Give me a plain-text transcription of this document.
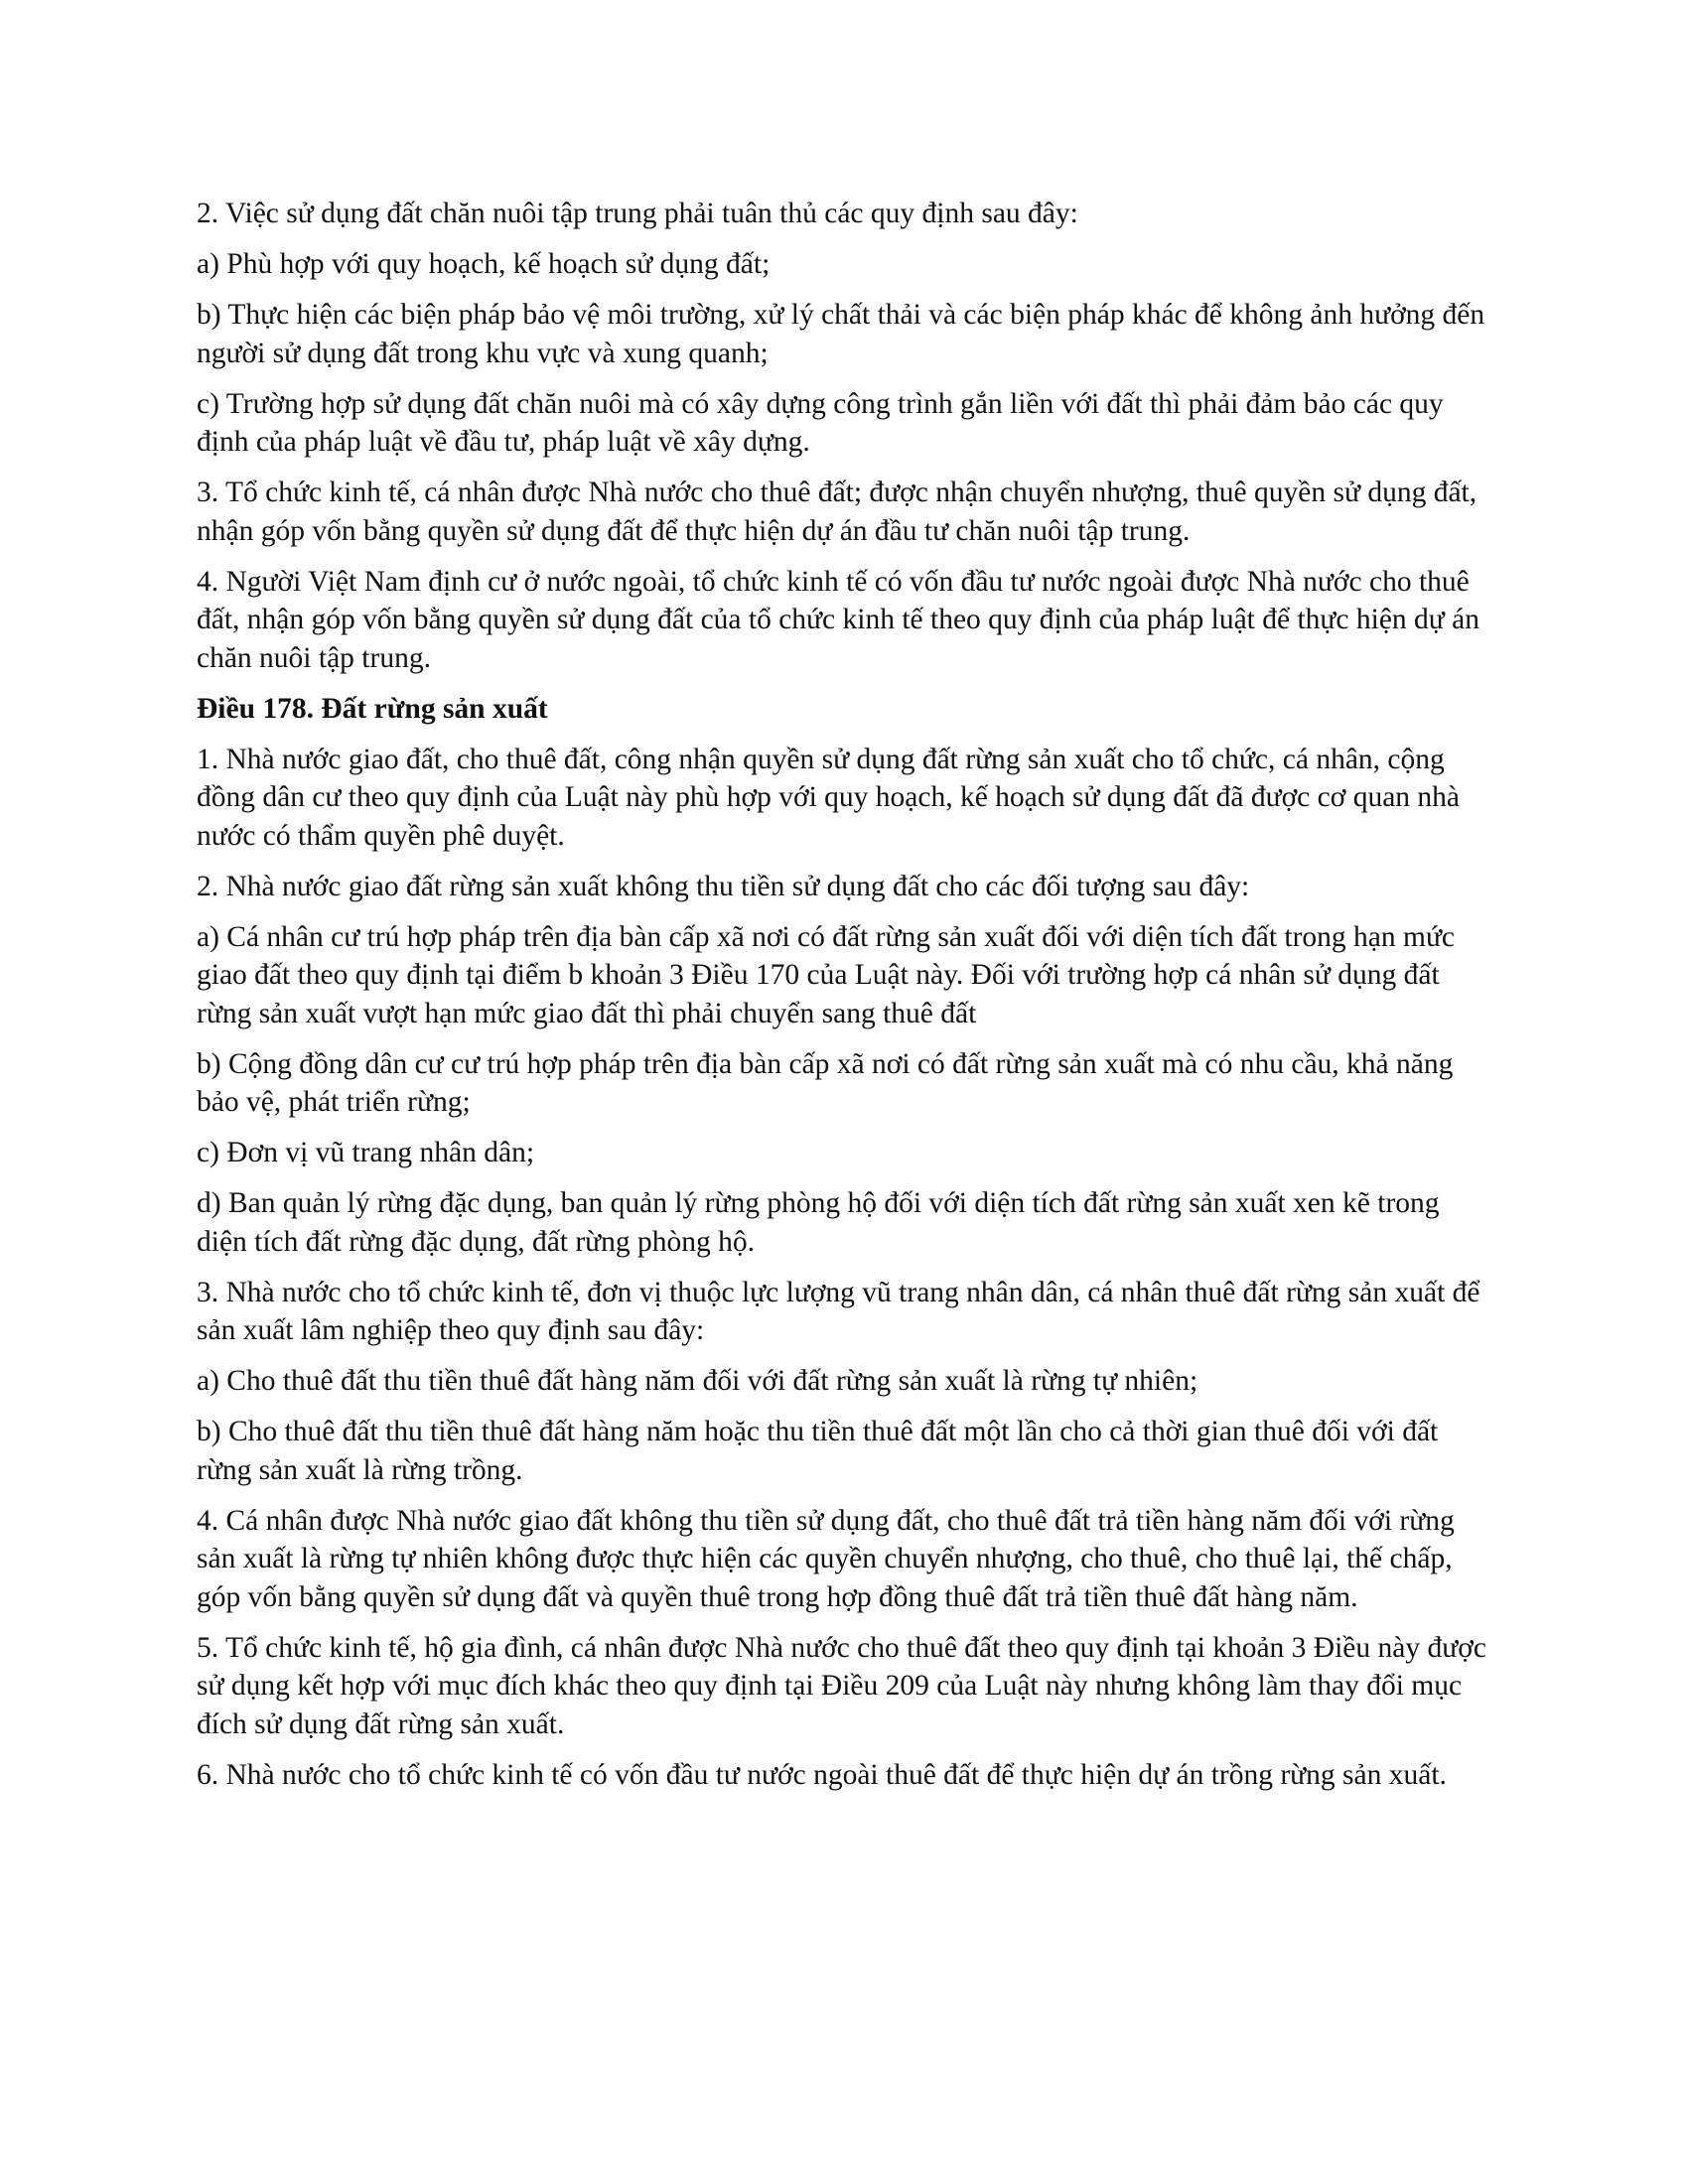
2. Việc sử dụng đất chăn nuôi tập trung phải tuân thủ các quy định sau đây:

a) Phù hợp với quy hoạch, kế hoạch sử dụng đất;

b) Thực hiện các biện pháp bảo vệ môi trường, xử lý chất thải và các biện pháp khác để không ảnh hưởng đến người sử dụng đất trong khu vực và xung quanh;

c) Trường hợp sử dụng đất chăn nuôi mà có xây dựng công trình gắn liền với đất thì phải đảm bảo các quy định của pháp luật về đầu tư, pháp luật về xây dựng.

3. Tổ chức kinh tế, cá nhân được Nhà nước cho thuê đất; được nhận chuyển nhượng, thuê quyền sử dụng đất, nhận góp vốn bằng quyền sử dụng đất để thực hiện dự án đầu tư chăn nuôi tập trung.

4. Người Việt Nam định cư ở nước ngoài, tổ chức kinh tế có vốn đầu tư nước ngoài được Nhà nước cho thuê đất, nhận góp vốn bằng quyền sử dụng đất của tổ chức kinh tế theo quy định của pháp luật để thực hiện dự án chăn nuôi tập trung.

Điều 178. Đất rừng sản xuất

1. Nhà nước giao đất, cho thuê đất, công nhận quyền sử dụng đất rừng sản xuất cho tổ chức, cá nhân, cộng đồng dân cư theo quy định của Luật này phù hợp với quy hoạch, kế hoạch sử dụng đất đã được cơ quan nhà nước có thẩm quyền phê duyệt.

2. Nhà nước giao đất rừng sản xuất không thu tiền sử dụng đất cho các đối tượng sau đây:

a) Cá nhân cư trú hợp pháp trên địa bàn cấp xã nơi có đất rừng sản xuất đối với diện tích đất trong hạn mức giao đất theo quy định tại điểm b khoản 3 Điều 170 của Luật này. Đối với trường hợp cá nhân sử dụng đất rừng sản xuất vượt hạn mức giao đất thì phải chuyển sang thuê đất

b) Cộng đồng dân cư cư trú hợp pháp trên địa bàn cấp xã nơi có đất rừng sản xuất mà có nhu cầu, khả năng bảo vệ, phát triển rừng;

c) Đơn vị vũ trang nhân dân;

d) Ban quản lý rừng đặc dụng, ban quản lý rừng phòng hộ đối với diện tích đất rừng sản xuất xen kẽ trong diện tích đất rừng đặc dụng, đất rừng phòng hộ.

3. Nhà nước cho tổ chức kinh tế, đơn vị thuộc lực lượng vũ trang nhân dân, cá nhân thuê đất rừng sản xuất để sản xuất lâm nghiệp theo quy định sau đây:

a) Cho thuê đất thu tiền thuê đất hàng năm đối với đất rừng sản xuất là rừng tự nhiên;

b) Cho thuê đất thu tiền thuê đất hàng năm hoặc thu tiền thuê đất một lần cho cả thời gian thuê đối với đất rừng sản xuất là rừng trồng.

4. Cá nhân được Nhà nước giao đất không thu tiền sử dụng đất, cho thuê đất trả tiền hàng năm đối với rừng sản xuất là rừng tự nhiên không được thực hiện các quyền chuyển nhượng, cho thuê, cho thuê lại, thế chấp, góp vốn bằng quyền sử dụng đất và quyền thuê trong hợp đồng thuê đất trả tiền thuê đất hàng năm.

5. Tổ chức kinh tế, hộ gia đình, cá nhân được Nhà nước cho thuê đất theo quy định tại khoản 3 Điều này được sử dụng kết hợp với mục đích khác theo quy định tại Điều 209 của Luật này nhưng không làm thay đổi mục đích sử dụng đất rừng sản xuất.

6. Nhà nước cho tổ chức kinh tế có vốn đầu tư nước ngoài thuê đất để thực hiện dự án trồng rừng sản xuất.
